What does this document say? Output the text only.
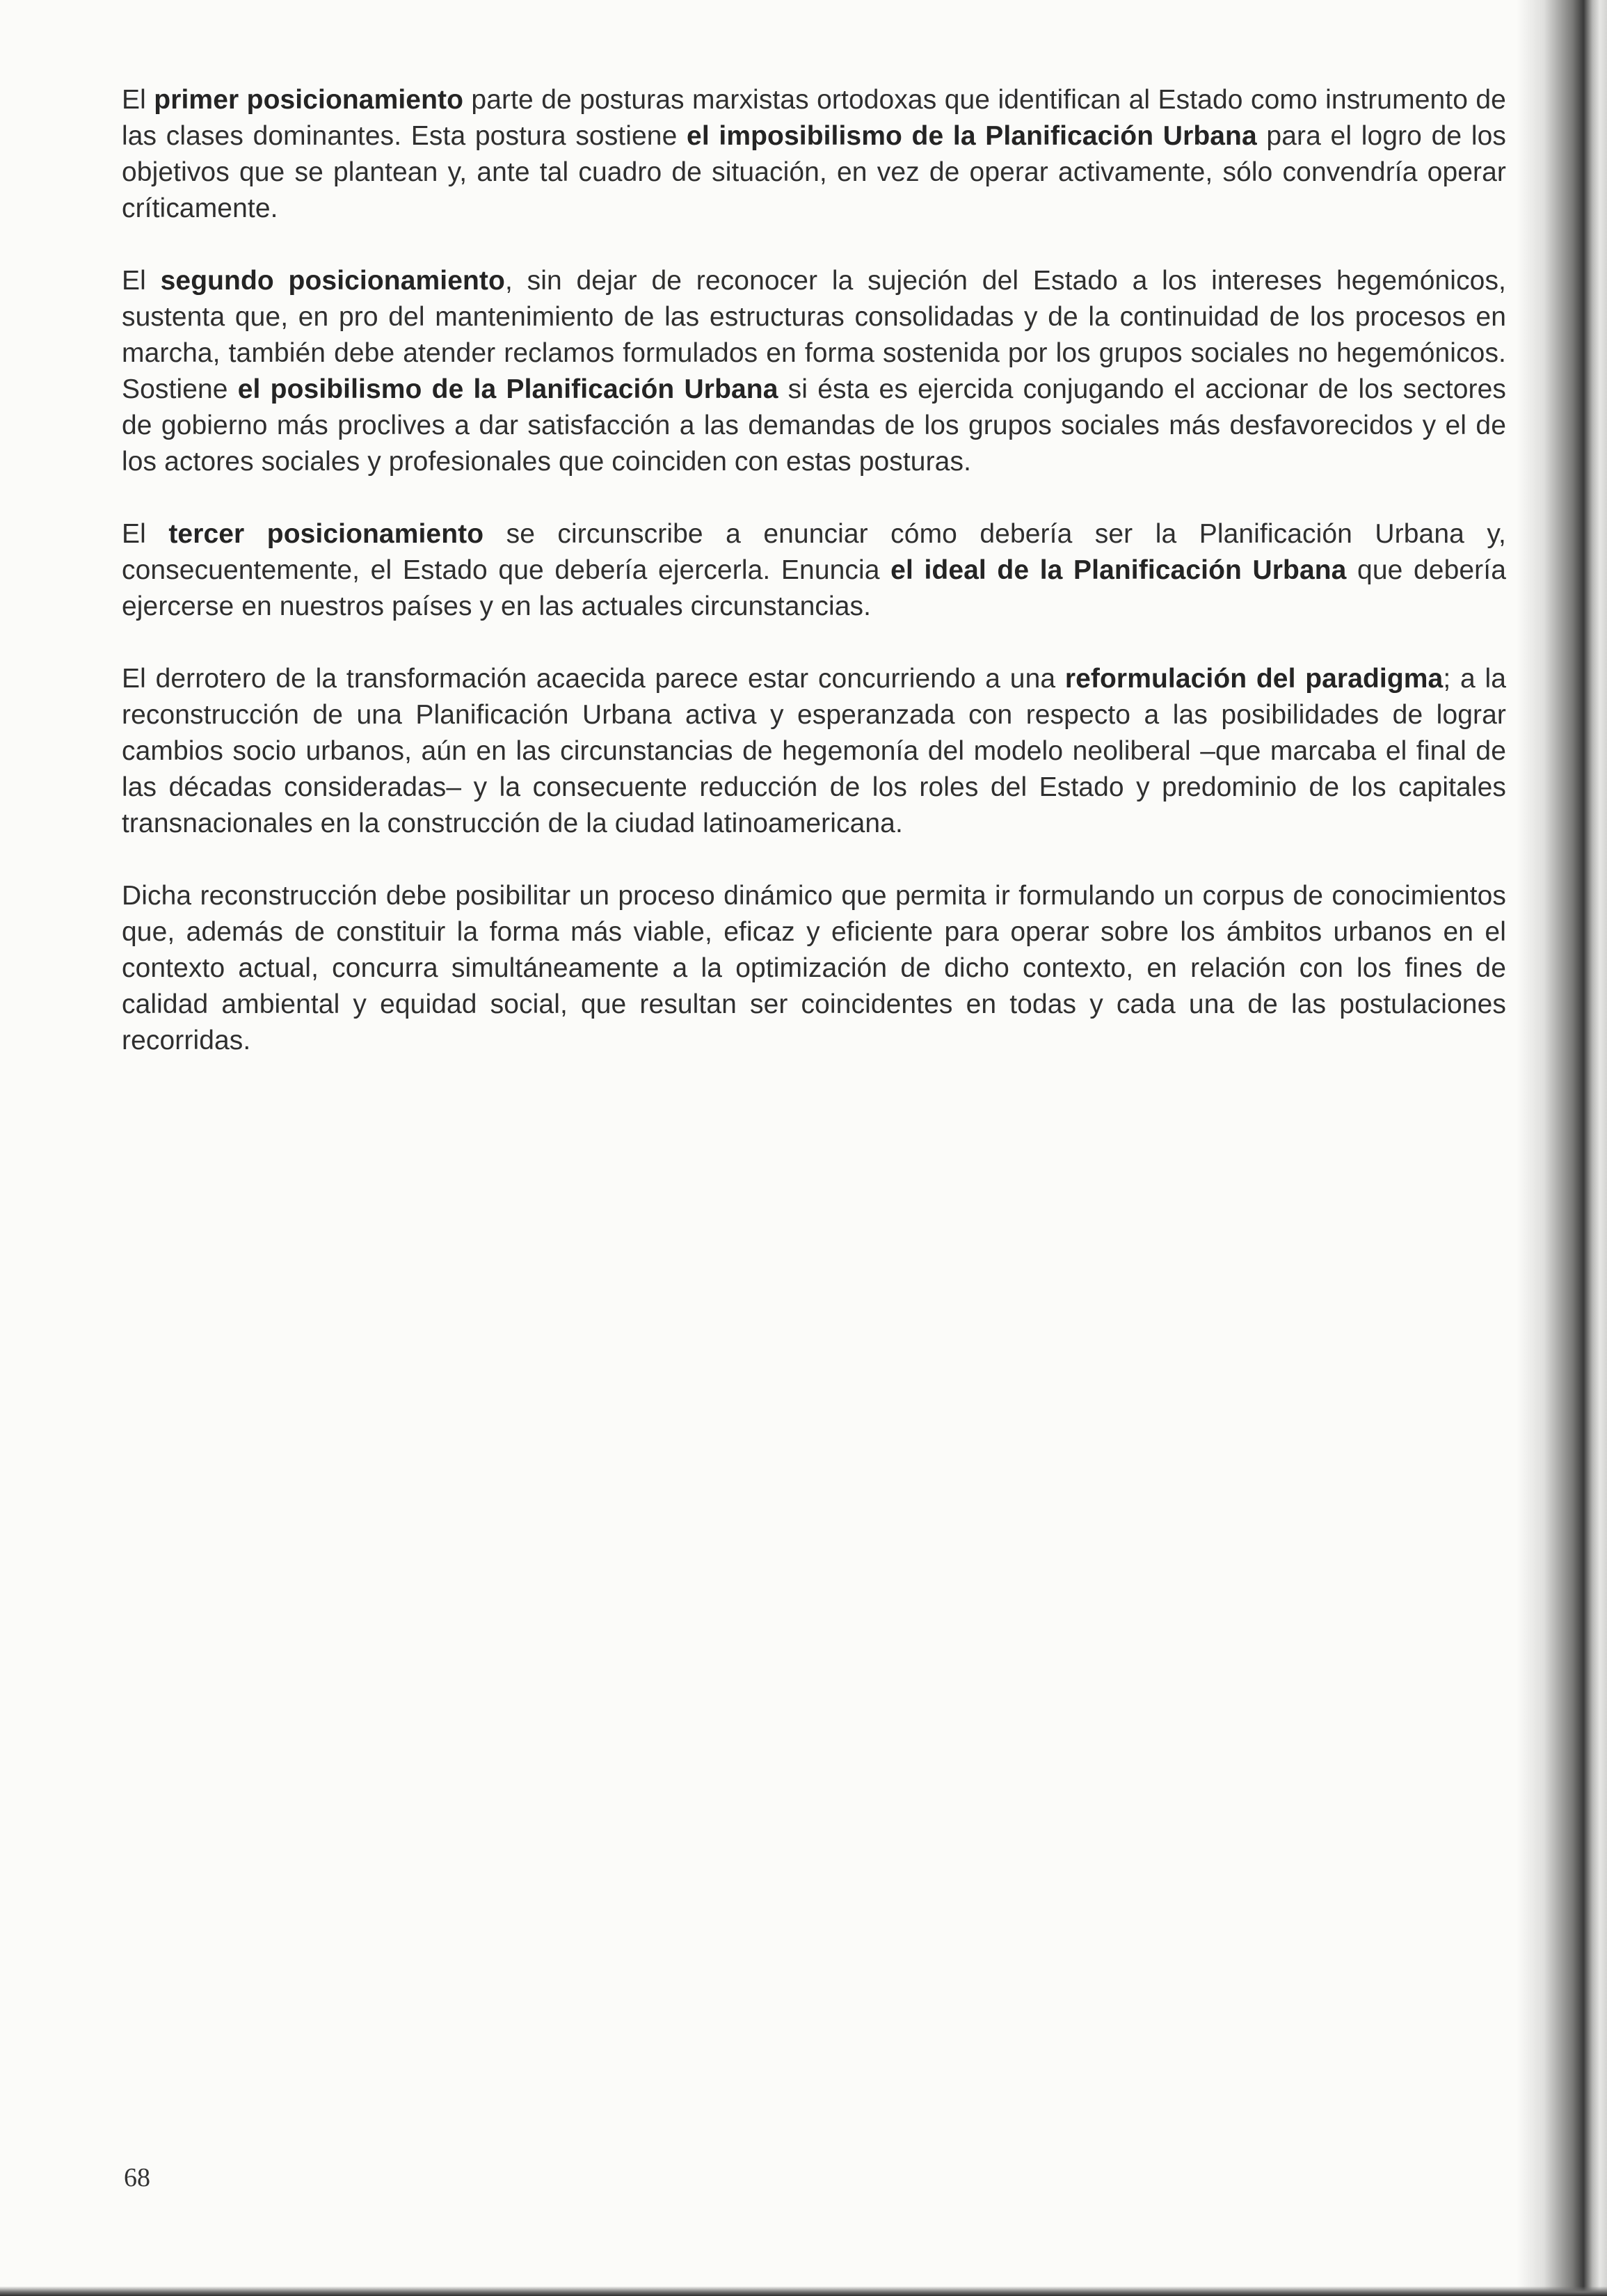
El primer posicionamiento parte de posturas marxistas ortodoxas que identifican al Estado como instrumento de las clases dominantes. Esta postura sostiene el imposibilismo de la Planificación Urbana para el logro de los objetivos que se plantean y, ante tal cuadro de situación, en vez de operar activamente, sólo convendría operar críticamente.

El segundo posicionamiento, sin dejar de reconocer la sujeción del Estado a los intereses hegemónicos, sustenta que, en pro del mantenimiento de las estructuras consolidadas y de la continuidad de los procesos en marcha, también debe atender reclamos formulados en forma sostenida por los grupos sociales no hegemónicos. Sostiene el posibilismo de la Planificación Urbana si ésta es ejercida conjugando el accionar de los sectores de gobierno más proclives a dar satisfacción a las demandas de los grupos sociales más desfavorecidos y el de los actores sociales y profesionales que coinciden con estas posturas.

El tercer posicionamiento se circunscribe a enunciar cómo debería ser la Planificación Urbana y, consecuentemente, el Estado que debería ejercerla. Enuncia el ideal de la Planificación Urbana que debería ejercerse en nuestros países y en las actuales circunstancias.

El derrotero de la transformación acaecida parece estar concurriendo a una reformulación del paradigma; a la reconstrucción de una Planificación Urbana activa y esperanzada con respecto a las posibilidades de lograr cambios socio urbanos, aún en las circunstancias de hegemonía del modelo neoliberal –que marcaba el final de las décadas consideradas– y la consecuente reducción de los roles del Estado y predominio de los capitales transnacionales en la construcción de la ciudad latinoamericana.

Dicha reconstrucción debe posibilitar un proceso dinámico que permita ir formulando un corpus de conocimientos que, además de constituir la forma más viable, eficaz y eficiente para operar sobre los ámbitos urbanos en el contexto actual, concurra simultáneamente a la optimización de dicho contexto, en relación con los fines de calidad ambiental y equidad social, que resultan ser coincidentes en todas y cada una de las postulaciones recorridas.

68
